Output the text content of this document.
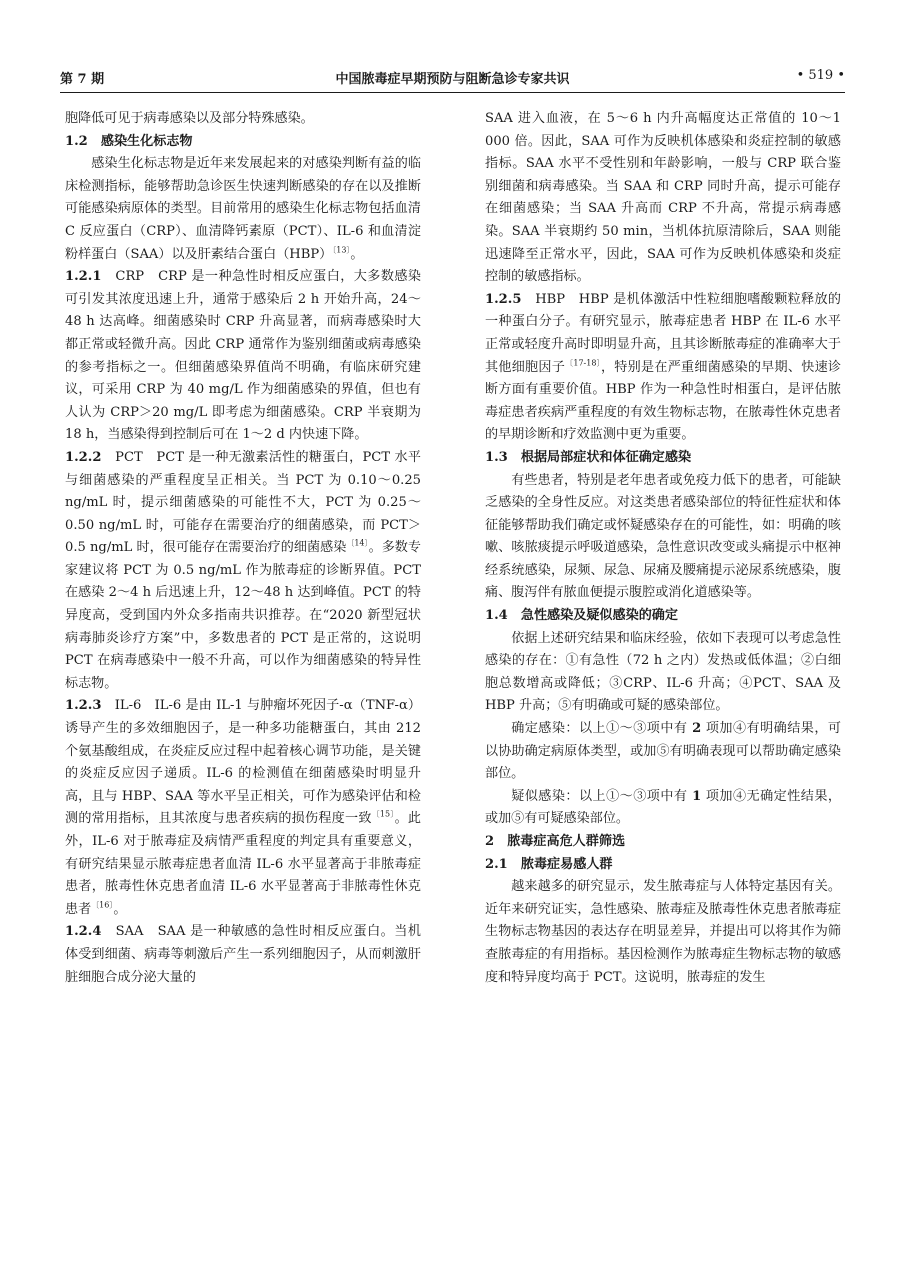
第 7 期	中国脓毒症早期预防与阻断急诊专家共识	• 519 •

胞降低可见于病毒感染以及部分特殊感染。

1.2　感染生化标志物

感染生化标志物是近年来发展起来的对感染判断有益的临床检测指标，能够帮助急诊医生快速判断感染的存在以及推断可能感染病原体的类型。目前常用的感染生化标志物包括血清 C 反应蛋白（CRP）、血清降钙素原（PCT）、IL-6 和血清淀粉样蛋白（SAA）以及肝素结合蛋白（HBP）$^{〔13〕}$。

1.2.1　CRP　CRP 是一种急性时相反应蛋白，大多数感染可引发其浓度迅速上升，通常于感染后 2 h 开始升高，24～48 h 达高峰。细菌感染时 CRP 升高显著，而病毒感染时大都正常或轻微升高。因此 CRP 通常作为鉴别细菌或病毒感染的参考指标之一。但细菌感染界值尚不明确，有临床研究建议，可采用 CRP 为 40 mg/L 作为细菌感染的界值，但也有人认为 CRP＞20 mg/L 即考虑为细菌感染。CRP 半衰期为 18 h，当感染得到控制后可在 1～2 d 内快速下降。

1.2.2　PCT　PCT 是一种无激素活性的糖蛋白，PCT 水平与细菌感染的严重程度呈正相关。当 PCT 为 0.10～0.25 ng/mL 时，提示细菌感染的可能性不大，PCT 为 0.25～0.50 ng/mL 时，可能存在需要治疗的细菌感染，而 PCT＞0.5 ng/mL 时，很可能存在需要治疗的细菌感染$^{〔14〕}$。多数专家建议将 PCT 为 0.5 ng/mL 作为脓毒症的诊断界值。PCT 在感染 2～4 h 后迅速上升，12～48 h 达到峰值。PCT 的特异度高，受到国内外众多指南共识推荐。在“2020 新型冠状病毒肺炎诊疗方案”中，多数患者的 PCT 是正常的，这说明 PCT 在病毒感染中一般不升高，可以作为细菌感染的特异性标志物。

1.2.3　IL-6　IL-6 是由 IL-1 与肿瘤坏死因子-α（TNF-α）诱导产生的多效细胞因子，是一种多功能糖蛋白，其由 212 个氨基酸组成，在炎症反应过程中起着核心调节功能，是关键的炎症反应因子递质。IL-6 的检测值在细菌感染时明显升高，且与 HBP、SAA 等水平呈正相关，可作为感染评估和检测的常用指标，且其浓度与患者疾病的损伤程度一致$^{〔15〕}$。此外，IL-6 对于脓毒症及病情严重程度的判定具有重要意义，有研究结果显示脓毒症患者血清 IL-6 水平显著高于非脓毒症患者，脓毒性休克患者血清 IL-6 水平显著高于非脓毒性休克患者$^{〔16〕}$。

1.2.4　SAA　SAA 是一种敏感的急性时相反应蛋白。当机体受到细菌、病毒等刺激后产生一系列细胞因子，从而刺激肝脏细胞合成分泌大量的

SAA 进入血液，在 5～6 h 内升高幅度达正常值的 10～1 000 倍。因此，SAA 可作为反映机体感染和炎症控制的敏感指标。SAA 水平不受性别和年龄影响，一般与 CRP 联合鉴别细菌和病毒感染。当 SAA 和 CRP 同时升高，提示可能存在细菌感染；当 SAA 升高而 CRP 不升高，常提示病毒感染。SAA 半衰期约 50 min，当机体抗原清除后，SAA 则能迅速降至正常水平，因此，SAA 可作为反映机体感染和炎症控制的敏感指标。

1.2.5　HBP　HBP 是机体激活中性粒细胞嗜酸颗粒释放的一种蛋白分子。有研究显示，脓毒症患者 HBP 在 IL-6 水平正常或轻度升高时即明显升高，且其诊断脓毒症的准确率大于其他细胞因子$^{〔17-18〕}$，特别是在严重细菌感染的早期、快速诊断方面有重要价值。HBP 作为一种急性时相蛋白，是评估脓毒症患者疾病严重程度的有效生物标志物，在脓毒性休克患者的早期诊断和疗效监测中更为重要。

1.3　根据局部症状和体征确定感染

有些患者，特别是老年患者或免疫力低下的患者，可能缺乏感染的全身性反应。对这类患者感染部位的特征性症状和体征能够帮助我们确定或怀疑感染存在的可能性，如：明确的咳嗽、咳脓痰提示呼吸道感染，急性意识改变或头痛提示中枢神经系统感染，尿频、尿急、尿痛及腰痛提示泌尿系统感染，腹痛、腹泻伴有脓血便提示腹腔或消化道感染等。

1.4　急性感染及疑似感染的确定

依据上述研究结果和临床经验，依如下表现可以考虑急性感染的存在：①有急性（72 h 之内）发热或低体温；②白细胞总数增高或降低；③CRP、IL-6 升高；④PCT、SAA 及 HBP 升高；⑤有明确或可疑的感染部位。

确定感染：以上①～③项中有 2 项加④有明确结果，可以协助确定病原体类型，或加⑤有明确表现可以帮助确定感染部位。

疑似感染：以上①～③项中有 1 项加④无确定性结果，或加⑤有可疑感染部位。

2　脓毒症高危人群筛选

2.1　脓毒症易感人群

越来越多的研究显示，发生脓毒症与人体特定基因有关。近年来研究证实，急性感染、脓毒症及脓毒性休克患者脓毒症生物标志物基因的表达存在明显差异，并提出可以将其作为筛查脓毒症的有用指标。基因检测作为脓毒症生物标志物的敏感度和特异度均高于 PCT。这说明，脓毒症的发生
